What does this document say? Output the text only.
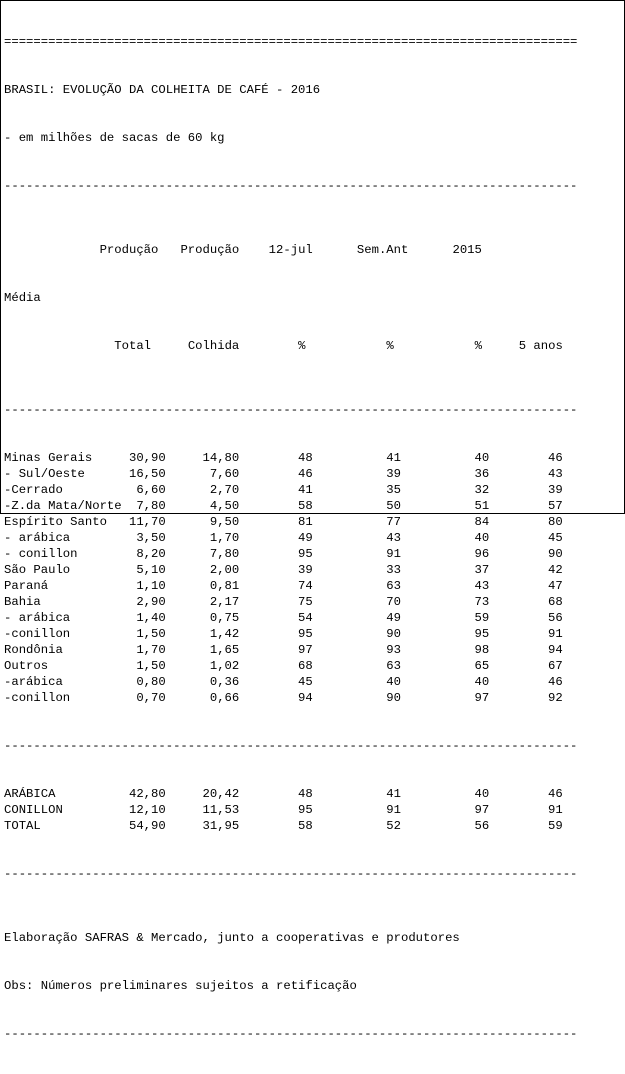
==============================================================================

BRASIL: EVOLUÇÃO DA COLHEITA DE CAFÉ - 2016

- em milhões de sacas de 60 kg

------------------------------------------------------------------------------

Produção Produção 12-jul	Sem.Ant	2015

Média

Total	Colhida	%	%	%	5 anos

------------------------------------------------------------------------------

Minas Gerais     30,90     14,80        48          41          40        46
- Sul/Oeste      16,50      7,60        46          39          36        43
-Cerrado          6,60      2,70        41          35          32        39
-Z.da Mata/Norte  7,80      4,50        58          50          51        57
Espírito Santo   11,70      9,50        81          77          84        80
- arábica         3,50      1,70        49          43          40        45
- conillon        8,20      7,80        95          91          96        90
São Paulo         5,10      2,00        39          33          37        42
Paraná            1,10      0,81        74          63          43        47
Bahia             2,90      2,17        75          70          73        68
- arábica         1,40      0,75        54          49          59        56
-conillon         1,50      1,42        95          90          95        91
Rondônia          1,70      1,65        97          93          98        94
Outros            1,50      1,02        68          63          65        67
-arábica          0,80      0,36        45          40          40        46
-conillon         0,70      0,66        94          90          97        92

------------------------------------------------------------------------------

ARÁBICA          42,80     20,42        48          41          40        46
CONILLON         12,10     11,53        95          91          97        91
TOTAL            54,90     31,95        58          52          56        59

------------------------------------------------------------------------------

Elaboração SAFRAS & Mercado, junto a cooperativas e produtores

Obs: Números preliminares sujeitos a retificação

------------------------------------------------------------------------------
